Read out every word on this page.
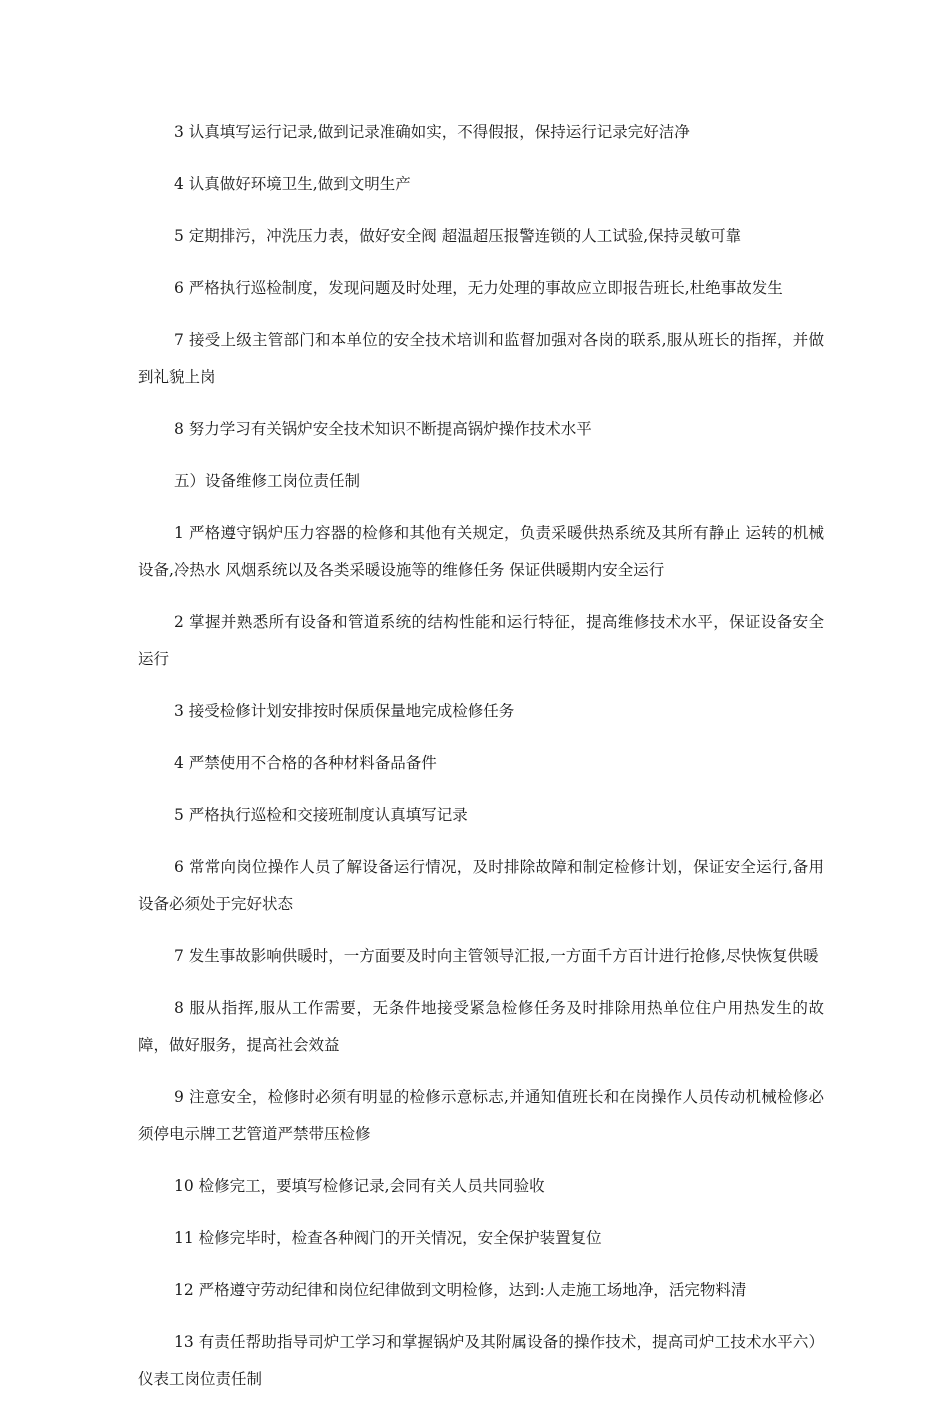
3 认真填写运行记录,做到记录准确如实，不得假报，保持运行记录完好洁净

4 认真做好环境卫生,做到文明生产

5 定期排污，冲洗压力表，做好安全阀 超温超压报警连锁的人工试验,保持灵敏可靠

6 严格执行巡检制度，发现问题及时处理，无力处理的事故应立即报告班长,杜绝事故发生

7 接受上级主管部门和本单位的安全技术培训和监督加强对各岗的联系,服从班长的指挥，并做到礼貌上岗

8 努力学习有关锅炉安全技术知识不断提高锅炉操作技术水平

五）设备维修工岗位责任制

1 严格遵守锅炉压力容器的检修和其他有关规定，负责采暖供热系统及其所有静止 运转的机械设备,冷热水 风烟系统以及各类采暖设施等的维修任务 保证供暖期内安全运行

2 掌握并熟悉所有设备和管道系统的结构性能和运行特征，提高维修技术水平，保证设备安全运行

3 接受检修计划安排按时保质保量地完成检修任务

4 严禁使用不合格的各种材料备品备件

5 严格执行巡检和交接班制度认真填写记录

6 常常向岗位操作人员了解设备运行情况，及时排除故障和制定检修计划，保证安全运行,备用设备必须处于完好状态

7 发生事故影响供暖时，一方面要及时向主管领导汇报,一方面千方百计进行抢修,尽快恢复供暖

8 服从指挥,服从工作需要，无条件地接受紧急检修任务及时排除用热单位住户用热发生的故障，做好服务，提高社会效益

9 注意安全，检修时必须有明显的检修示意标志,并通知值班长和在岗操作人员传动机械检修必须停电示牌工艺管道严禁带压检修

10 检修完工，要填写检修记录,会同有关人员共同验收

11 检修完毕时，检查各种阀门的开关情况，安全保护装置复位

12 严格遵守劳动纪律和岗位纪律做到文明检修，达到:人走施工场地净，活完物料清

13 有责任帮助指导司炉工学习和掌握锅炉及其附属设备的操作技术，提高司炉工技术水平六）仪表工岗位责任制
